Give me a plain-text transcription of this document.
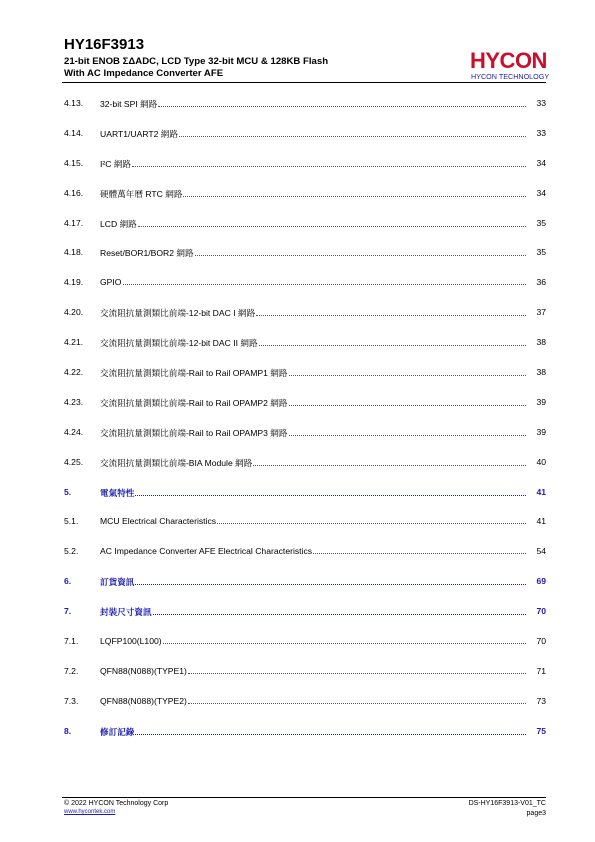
HY16F3913
21-bit ENOB ΣΔADC, LCD Type 32-bit MCU & 128KB Flash
With AC Impedance Converter AFE
HYCON
HYCON TECHNOLOGY
4.13.	32-bit SPI 網路	33
4.14.	UART1/UART2 網路	33
4.15.	I²C 網路	34
4.16.	硬體萬年曆 RTC 網路	34
4.17.	LCD 網路	35
4.18.	Reset/BOR1/BOR2 網路	35
4.19.	GPIO	36
4.20.	交流阻抗量測類比前端-12-bit DAC I 網路	37
4.21.	交流阻抗量測類比前端-12-bit DAC II 網路	38
4.22.	交流阻抗量測類比前端-Rail to Rail OPAMP1 網路	38
4.23.	交流阻抗量測類比前端-Rail to Rail OPAMP2 網路	39
4.24.	交流阻抗量測類比前端-Rail to Rail OPAMP3 網路	39
4.25.	交流阻抗量測類比前端-BIA Module 網路	40
5.	電氣特性	41
5.1.	MCU Electrical Characteristics	41
5.2.	AC Impedance Converter AFE Electrical Characteristics	54
6.	訂貨資訊	69
7.	封裝尺寸資訊	70
7.1.	LQFP100(L100)	70
7.2.	QFN88(N088)(TYPE1)	71
7.3.	QFN88(N088)(TYPE2)	73
8.	修訂記錄	75
© 2022 HYCON Technology Corp
www.hycontek.com
DS-HY16F3913-V01_TC
page3
